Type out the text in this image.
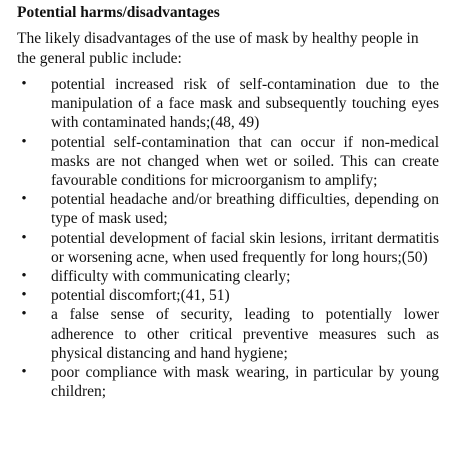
Potential harms/disadvantages
The likely disadvantages of the use of mask by healthy people in the general public include:
• potential increased risk of self-contamination due to the manipulation of a face mask and subsequently touching eyes with contaminated hands;(48, 49)
• potential self-contamination that can occur if non-medical masks are not changed when wet or soiled. This can create favourable conditions for microorganism to amplify;
• potential headache and/or breathing difficulties, depending on type of mask used;
• potential development of facial skin lesions, irritant dermatitis or worsening acne, when used frequently for long hours;(50)
• difficulty with communicating clearly;
• potential discomfort;(41, 51)
• a false sense of security, leading to potentially lower adherence to other critical preventive measures such as physical distancing and hand hygiene;
• poor compliance with mask wearing, in particular by young children;
